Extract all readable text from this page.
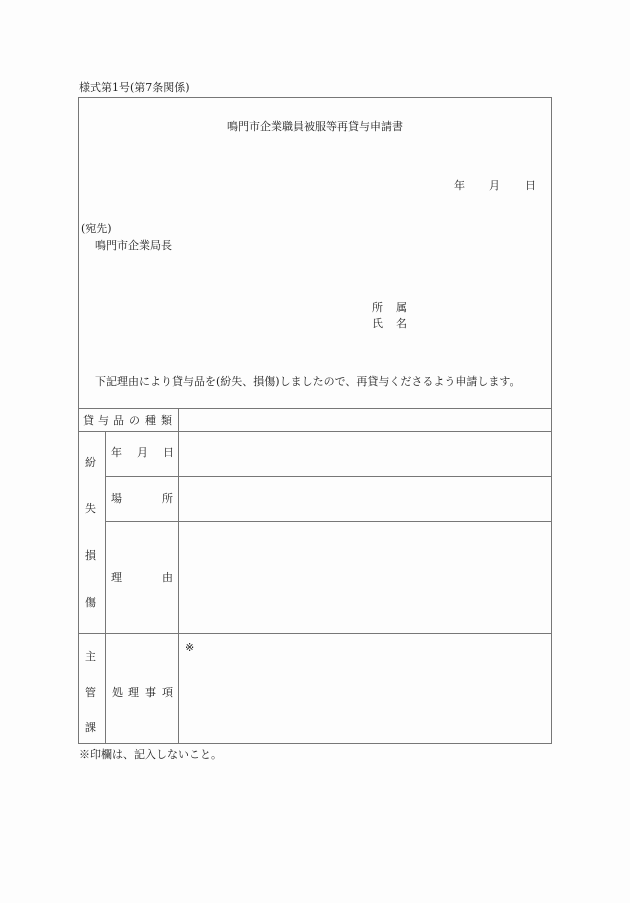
様式第1号(第7条関係)
鳴門市企業職員被服等再貸与申請書
年 月 日
(宛先)
鳴門市企業局長
所 属
氏 名
下記理由により貸与品を(紛失、損傷)しましたので、再貸与くださるよう申請します。
貸 与 品 の 種 類
紛
失
損
傷
年 月 日
場	所
理	由
主
管
課
処 理 事 項
※
※印欄は、記入しないこと。
